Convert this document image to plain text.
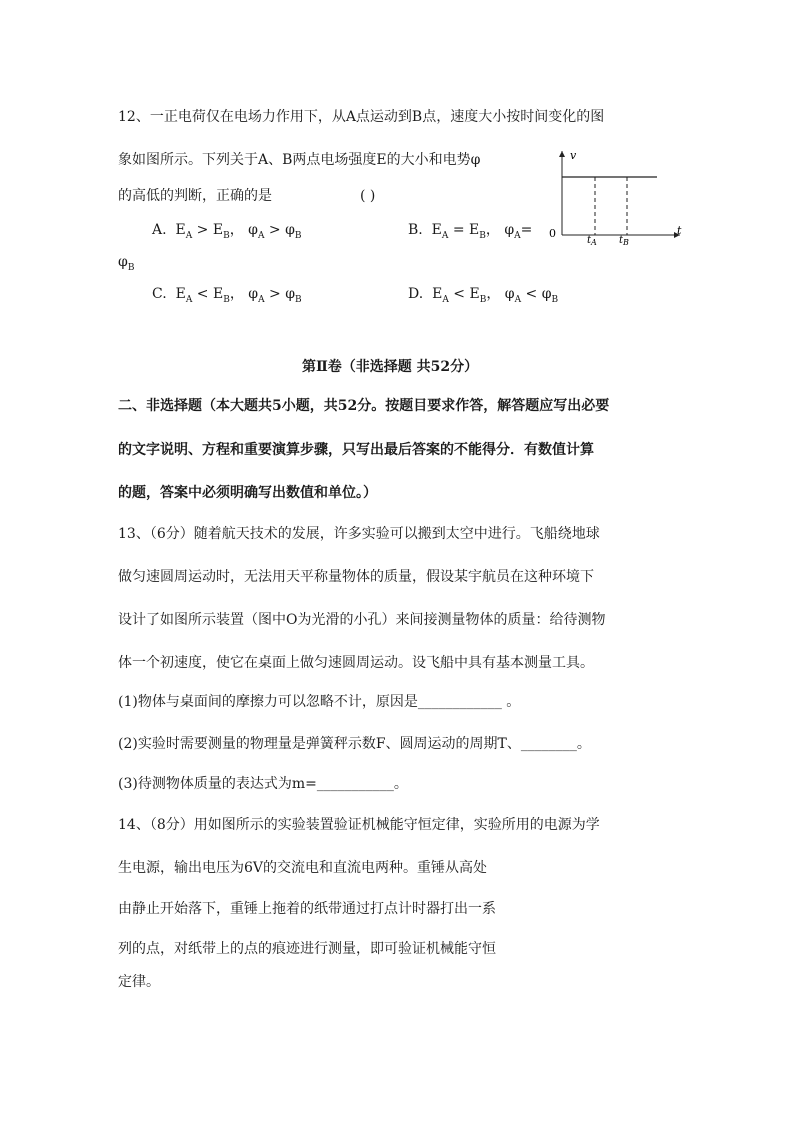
12、一正电荷仅在电场力作用下，从A点运动到B点，速度大小按时间变化的图
象如图所示。下列关于A、B两点电场强度E的大小和电势φ
的高低的判断，正确的是	( )
A. $E_A > E_B$， $\varphi_A > \varphi_B$	B. $E_A = E_B$， $\varphi_A=$
$\varphi_B$
C. $E_A < E_B$， $\varphi_A > \varphi_B$	D. $E_A < E_B$， $\varphi_A < \varphi_B$
v
t
0
$t_A$ $t_B$
第Ⅱ卷（非选择题 共52分）
二、非选择题（本大题共5小题，共52分。按题目要求作答，解答题应写出必要
的文字说明、方程和重要演算步骤，只写出最后答案的不能得分．有数值计算
的题，答案中必须明确写出数值和单位。）
13、（6分）随着航天技术的发展，许多实验可以搬到太空中进行。飞船绕地球
做匀速圆周运动时，无法用天平称量物体的质量，假设某宇航员在这种环境下
设计了如图所示装置（图中O为光滑的小孔）来间接测量物体的质量：给待测物
体一个初速度，使它在桌面上做匀速圆周运动。设飞船中具有基本测量工具。
(1)物体与桌面间的摩擦力可以忽略不计，原因是____________ 。
(2)实验时需要测量的物理量是弹簧秤示数F、圆周运动的周期T、________。
(3)待测物体质量的表达式为m=___________。
14、（8分）用如图所示的实验装置验证机械能守恒定律，实验所用的电源为学
生电源，输出电压为6V的交流电和直流电两种。重锤从高处
由静止开始落下，重锤上拖着的纸带通过打点计时器打出一系
列的点，对纸带上的点的痕迹进行测量，即可验证机械能守恒
定律。
